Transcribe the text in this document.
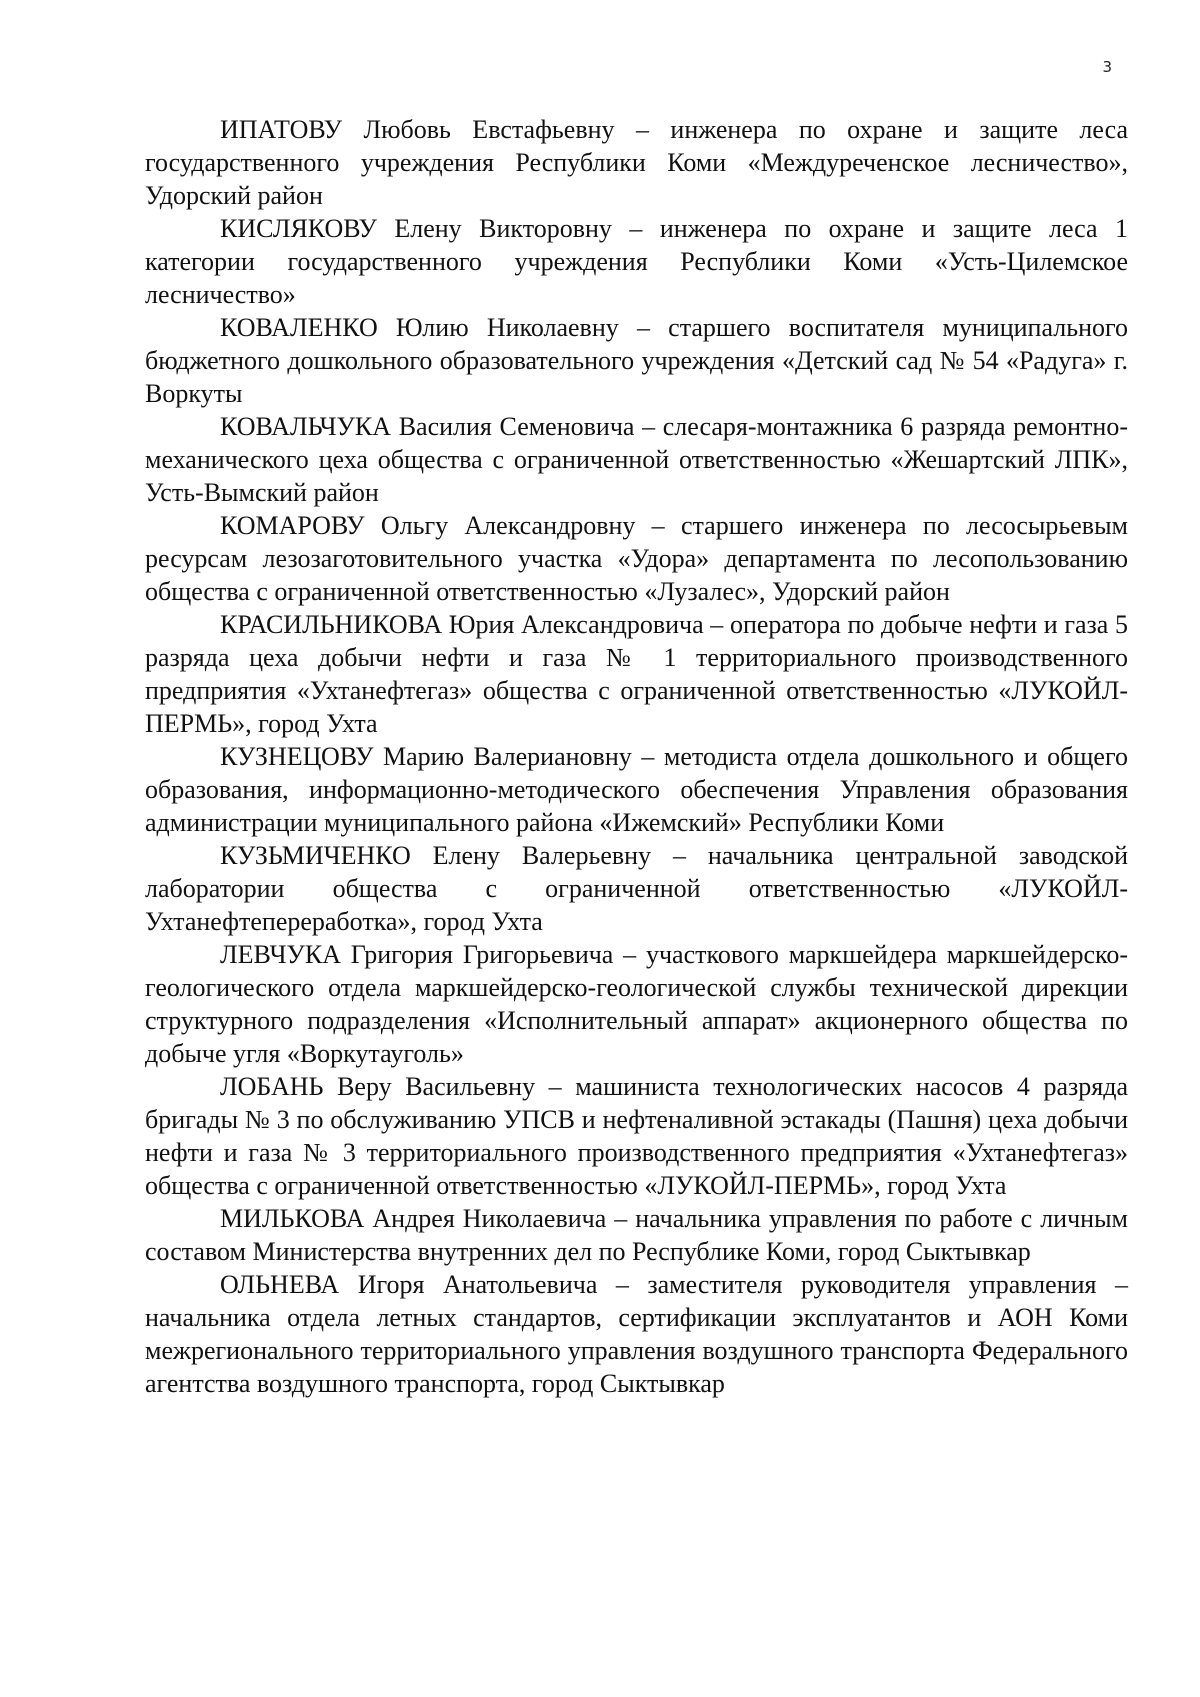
3

ИПАТОВУ Любовь Евстафьевну – инженера по охране и защите леса государственного учреждения Республики Коми «Междуреченское лесничество», Удорский район

КИСЛЯКОВУ Елену Викторовну – инженера по охране и защите леса 1 категории государственного учреждения Республики Коми «Усть-Цилемское лесничество»

КОВАЛЕНКО Юлию Николаевну – старшего воспитателя муниципального бюджетного дошкольного образовательного учреждения «Детский сад № 54 «Радуга» г. Воркуты

КОВАЛЬЧУКА Василия Семеновича – слесаря-монтажника 6 разряда ремонтно-механического цеха общества с ограниченной ответственностью «Жешартский ЛПК», Усть-Вымский район

КОМАРОВУ Ольгу Александровну – старшего инженера по лесосырьевым ресурсам лезозаготовительного участка «Удора» департамента по лесопользованию общества с ограниченной ответственностью «Лузалес», Удорский район

КРАСИЛЬНИКОВА Юрия Александровича – оператора по добыче нефти и газа 5 разряда цеха добычи нефти и газа № 1 территориального производственного предприятия «Ухтанефтегаз» общества с ограниченной ответственностью «ЛУКОЙЛ-ПЕРМЬ», город Ухта

КУЗНЕЦОВУ Марию Валериановну – методиста отдела дошкольного и общего образования, информационно-методического обеспечения Управления образования администрации муниципального района «Ижемский» Республики Коми

КУЗЬМИЧЕНКО Елену Валерьевну – начальника центральной заводской лаборатории общества с ограниченной ответственностью «ЛУКОЙЛ-Ухтанефтепереработка», город Ухта

ЛЕВЧУКА Григория Григорьевича – участкового маркшейдера маркшейдерско-геологического отдела маркшейдерско-геологической службы технической дирекции структурного подразделения «Исполнительный аппарат» акционерного общества по добыче угля «Воркутауголь»

ЛОБАНЬ Веру Васильевну – машиниста технологических насосов 4 разряда бригады № 3 по обслуживанию УПСВ и нефтеналивной эстакады (Пашня) цеха добычи нефти и газа № 3 территориального производственного предприятия «Ухтанефтегаз» общества с ограниченной ответственностью «ЛУКОЙЛ-ПЕРМЬ», город Ухта

МИЛЬКОВА Андрея Николаевича – начальника управления по работе с личным составом Министерства внутренних дел по Республике Коми, город Сыктывкар

ОЛЬНЕВА Игоря Анатольевича – заместителя руководителя управления – начальника отдела летных стандартов, сертификации эксплуатантов и АОН Коми межрегионального территориального управления воздушного транспорта Федерального агентства воздушного транспорта, город Сыктывкар
